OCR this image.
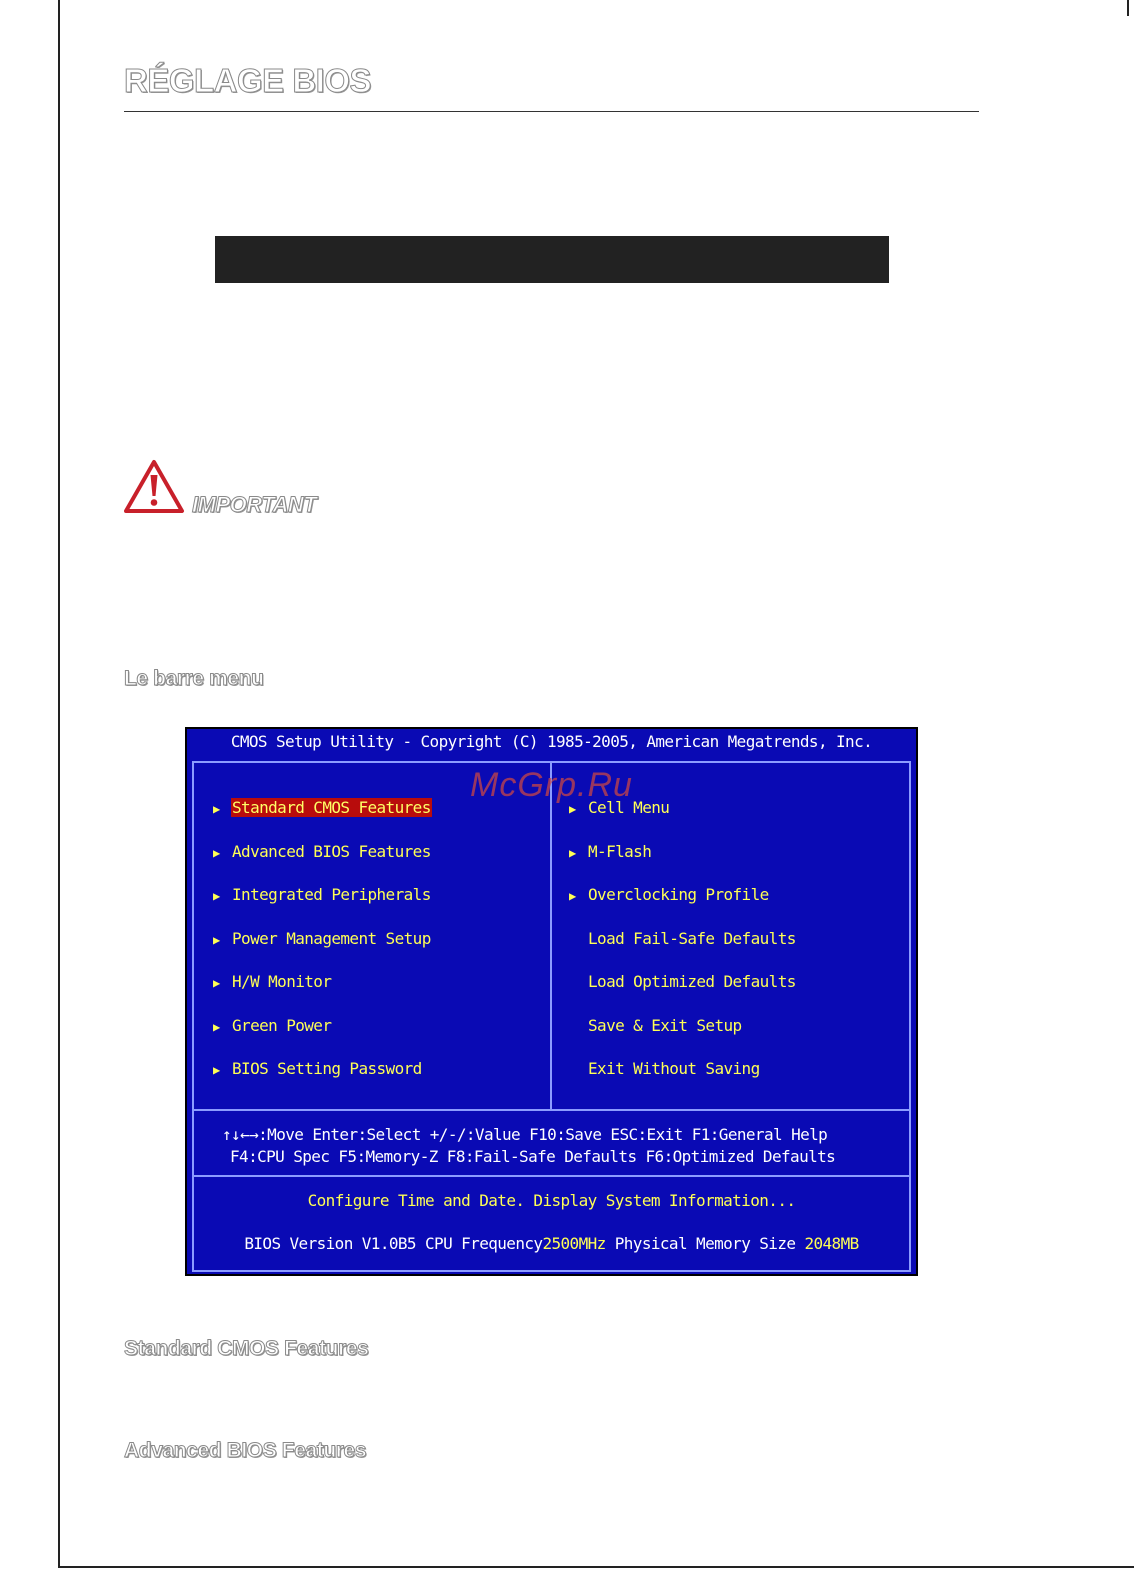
RÉGLAGE BIOS
IMPORTANT
Le barre menu
CMOS Setup Utility - Copyright (C) 1985-2005, American Megatrends, Inc.
▶ Standard CMOS Features
▶ Advanced BIOS Features
▶ Integrated Peripherals
▶ Power Management Setup
▶ H/W Monitor
▶ Green Power
▶ BIOS Setting Password
▶ Cell Menu
▶ M-Flash
▶ Overclocking Profile
Load Fail-Safe Defaults
Load Optimized Defaults
Save & Exit Setup
Exit Without Saving
↑↓←→:Move Enter:Select +/-/:Value F10:Save ESC:Exit F1:General Help
F4:CPU Spec F5:Memory-Z F8:Fail-Safe Defaults F6:Optimized Defaults
Configure Time and Date. Display System Information...
BIOS Version V1.0B5 CPU Frequency2500MHz Physical Memory Size 2048MB
McGrp.Ru
Standard CMOS Features
Advanced BIOS Features
